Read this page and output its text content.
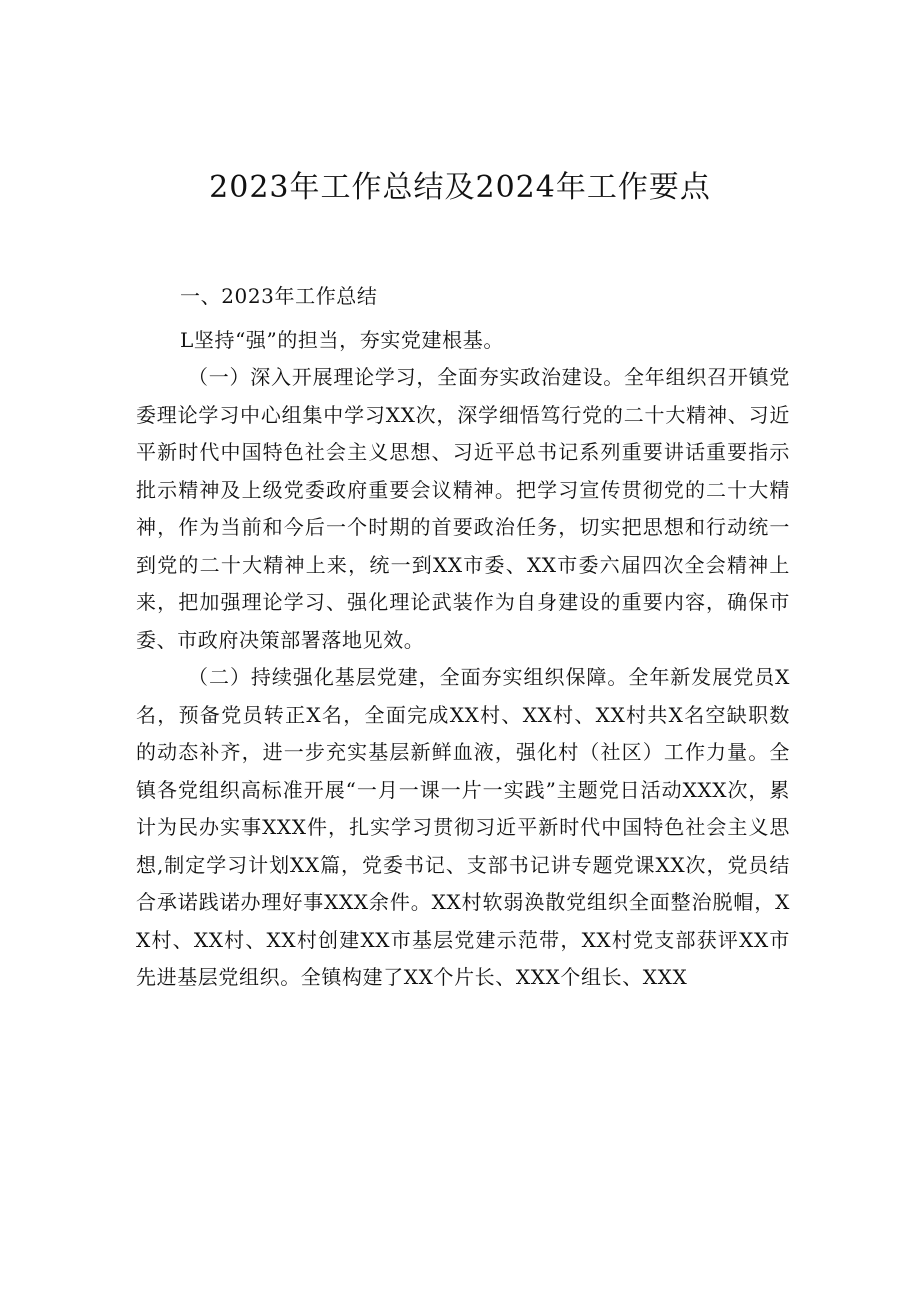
2023年工作总结及2024年工作要点

一、2023年工作总结

L坚持“强”的担当，夯实党建根基。

（一）深入开展理论学习，全面夯实政治建设。全年组织召开镇党委理论学习中心组集中学习XX次，深学细悟笃行党的二十大精神、习近平新时代中国特色社会主义思想、习近平总书记系列重要讲话重要指示批示精神及上级党委政府重要会议精神。把学习宣传贯彻党的二十大精神，作为当前和今后一个时期的首要政治任务，切实把思想和行动统一到党的二十大精神上来，统一到XX市委、XX市委六届四次全会精神上来，把加强理论学习、强化理论武装作为自身建设的重要内容，确保市委、市政府决策部署落地见效。

（二）持续强化基层党建，全面夯实组织保障。全年新发展党员X名，预备党员转正X名，全面完成XX村、XX村、XX村共X名空缺职数的动态补齐，进一步充实基层新鲜血液，强化村（社区）工作力量。全镇各党组织高标准开展“一月一课一片一实践”主题党日活动XXX次，累计为民办实事XXX件，扎实学习贯彻习近平新时代中国特色社会主义思想,制定学习计划XX篇，党委书记、支部书记讲专题党课XX次，党员结合承诺践诺办理好事XXX余件。XX村软弱涣散党组织全面整治脱帽，XX村、XX村、XX村创建XX市基层党建示范带，XX村党支部获评XX市先进基层党组织。全镇构建了XX个片长、XXX个组长、XXX
